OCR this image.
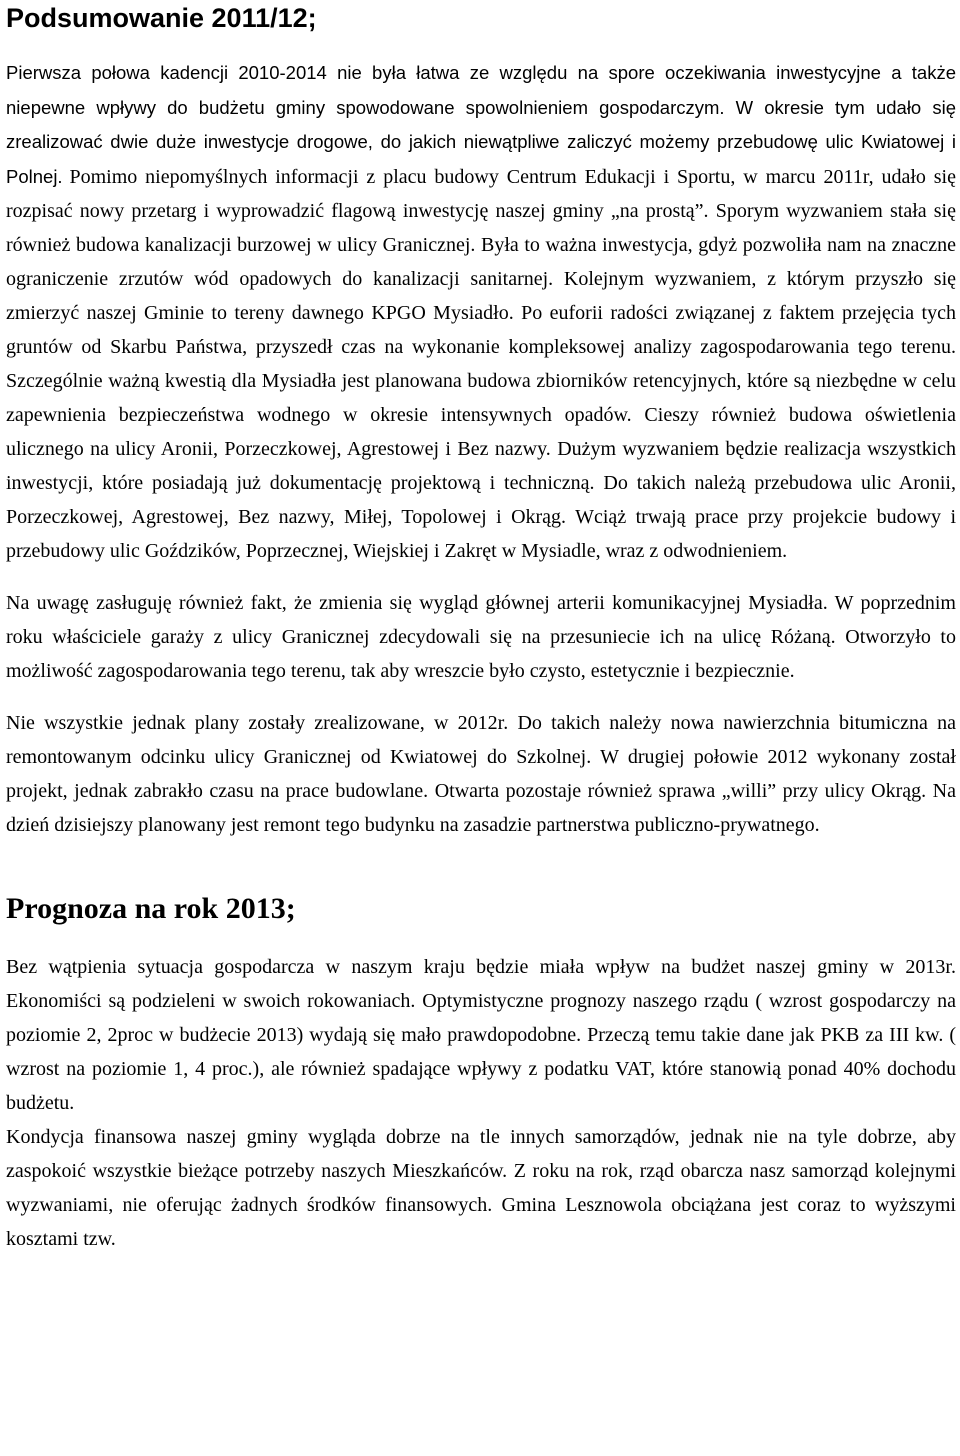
Podsumowanie 2011/12;

Pierwsza połowa kadencji 2010-2014 nie była łatwa ze względu na spore oczekiwania inwestycyjne a także niepewne wpływy do budżetu gminy spowodowane spowolnieniem gospodarczym. W okresie tym udało się zrealizować dwie duże inwestycje drogowe, do jakich niewątpliwe zaliczyć możemy przebudowę ulic Kwiatowej i Polnej. Pomimo niepomyślnych informacji z placu budowy Centrum Edukacji i Sportu, w marcu 2011r, udało się rozpisać nowy przetarg i wyprowadzić flagową inwestycję naszej gminy „na prostą”. Sporym wyzwaniem stała się również budowa kanalizacji burzowej w ulicy Granicznej. Była to ważna inwestycja, gdyż pozwoliła nam na znaczne ograniczenie zrzutów wód opadowych do kanalizacji sanitarnej. Kolejnym wyzwaniem, z którym przyszło się zmierzyć naszej Gminie to tereny dawnego KPGO Mysiadło. Po euforii radości związanej z faktem przejęcia tych gruntów od Skarbu Państwa, przyszedł czas na wykonanie kompleksowej analizy zagospodarowania tego terenu. Szczególnie ważną kwestią dla Mysiadła jest planowana budowa zbiorników retencyjnych, które są niezbędne w celu zapewnienia bezpieczeństwa wodnego w okresie intensywnych opadów. Cieszy również budowa oświetlenia ulicznego na ulicy Aronii, Porzeczkowej, Agrestowej i Bez nazwy. Dużym wyzwaniem będzie realizacja wszystkich inwestycji, które posiadają już dokumentację projektową i techniczną. Do takich należą przebudowa ulic Aronii, Porzeczkowej, Agrestowej, Bez nazwy, Miłej, Topolowej i Okrąg. Wciąż trwają prace przy projekcie budowy i przebudowy ulic Goździków, Poprzecznej, Wiejskiej i Zakręt w Mysiadle, wraz z odwodnieniem.

Na uwagę zasługuję również fakt, że zmienia się wygląd głównej arterii komunikacyjnej Mysiadła. W poprzednim roku właściciele garaży z ulicy Granicznej zdecydowali się na przesuniecie ich na ulicę Różaną. Otworzyło to możliwość zagospodarowania tego terenu, tak aby wreszcie było czysto, estetycznie i bezpiecznie.

Nie wszystkie jednak plany zostały zrealizowane, w 2012r. Do takich należy nowa nawierzchnia bitumiczna na remontowanym odcinku ulicy Granicznej od Kwiatowej do Szkolnej. W drugiej połowie 2012 wykonany został projekt, jednak zabrakło czasu na prace budowlane. Otwarta pozostaje również sprawa „willi” przy ulicy Okrąg. Na dzień dzisiejszy planowany jest remont tego budynku na zasadzie partnerstwa publiczno-prywatnego.

Prognoza na rok 2013;

Bez wątpienia sytuacja gospodarcza w naszym kraju będzie miała wpływ na budżet naszej gminy w 2013r. Ekonomiści są podzieleni w swoich rokowaniach. Optymistyczne prognozy naszego rządu ( wzrost gospodarczy na poziomie 2, 2proc w budżecie 2013) wydają się mało prawdopodobne. Przeczą temu takie dane jak PKB za III kw. ( wzrost na poziomie 1, 4 proc.), ale również spadające wpływy z podatku VAT, które stanowią ponad 40% dochodu budżetu.

Kondycja finansowa naszej gminy wygląda dobrze na tle innych samorządów, jednak nie na tyle dobrze, aby zaspokoić wszystkie bieżące potrzeby naszych Mieszkańców. Z roku na rok, rząd obarcza nasz samorząd kolejnymi wyzwaniami, nie oferując żadnych środków finansowych. Gmina Lesznowola obciążana jest coraz to wyższymi kosztami tzw.
